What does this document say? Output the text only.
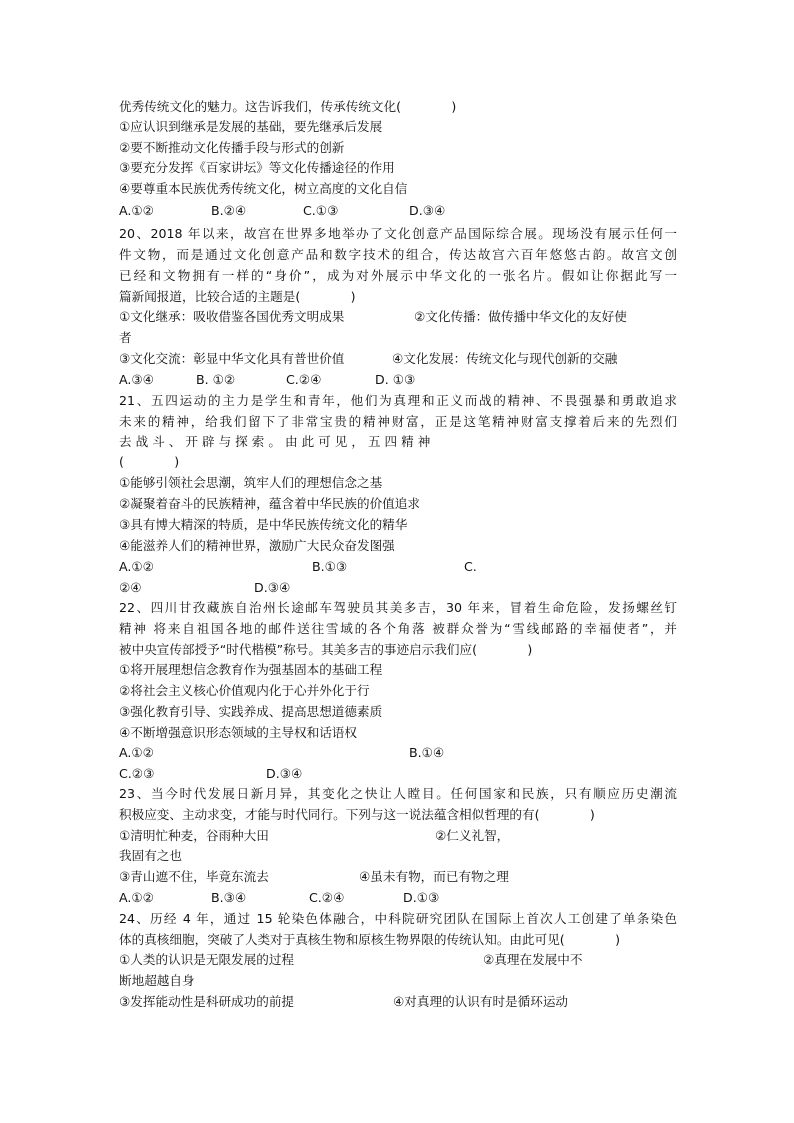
优秀传统文化的魅力。这告诉我们，传承传统文化(　　　　)
①应认识到继承是发展的基础，要先继承后发展
②要不断推动文化传播手段与形式的创新
③要充分发挥《百家讲坛》等文化传播途径的作用
④要尊重本民族优秀传统文化，树立高度的文化自信
A.①②	B.②④	C.①③	D.③④
20、2018 年以来，故宫在世界多地举办了文化创意产品国际综合展。现场没有展示任何一
件文物，而是通过文化创意产品和数字技术的组合，传达故宫六百年悠悠古韵。故宫文创
已经和文物拥有一样的“身价”，成为对外展示中华文化的一张名片。假如让你据此写一
篇新闻报道，比较合适的主题是(　　　　)
①文化继承：吸收借鉴各国优秀文明成果	②文化传播：做传播中华文化的友好使
者
③文化交流：彰显中华文化具有普世价值	④文化发展：传统文化与现代创新的交融
A.③④	B. ①②	C.②④	D. ①③
21、五四运动的主力是学生和青年，他们为真理和正义而战的精神、不畏强暴和勇敢追求
未来的精神，给我们留下了非常宝贵的精神财富，正是这笔精神财富支撑着后来的先烈们
去 战 斗 、 开 辟 与 探 索 。 由 此 可 见 ， 五 四 精 神
(　　　　)
①能够引领社会思潮，筑牢人们的理想信念之基
②凝聚着奋斗的民族精神，蕴含着中华民族的价值追求
③具有博大精深的特质，是中华民族传统文化的精华
④能滋养人们的精神世界，激励广大民众奋发图强
A.①②	B.①③	C.
②④	D.③④
22、四川甘孜藏族自治州长途邮车驾驶员其美多吉，30 年来，冒着生命危险，发扬螺丝钉
精神 将来自祖国各地的邮件送往雪域的各个角落 被群众誉为“雪线邮路的幸福使者”，并
被中央宣传部授予“时代楷模”称号。其美多吉的事迹启示我们应(　　　　)
①将开展理想信念教育作为强基固本的基础工程
②将社会主义核心价值观内化于心并外化于行
③强化教育引导、实践养成、提高思想道德素质
④不断增强意识形态领域的主导权和话语权
A.①②	B.①④
C.②③	D.③④
23、当今时代发展日新月异，其变化之快让人瞠目。任何国家和民族，只有顺应历史潮流
积极应变、主动求变，才能与时代同行。下列与这一说法蕴含相似哲理的有(　　　　)
①清明忙种麦，谷雨种大田	②仁义礼智，
我固有之也
③青山遮不住，毕竟东流去	④虽未有物，而已有物之理
A.①②	B.③④	C.②④	D.①③
24、历经 4 年，通过 15 轮染色体融合，中科院研究团队在国际上首次人工创建了单条染色
体的真核细胞，突破了人类对于真核生物和原核生物界限的传统认知。由此可见(　　　　)
①人类的认识是无限发展的过程	②真理在发展中不
断地超越自身
③发挥能动性是科研成功的前提	④对真理的认识有时是循环运动
